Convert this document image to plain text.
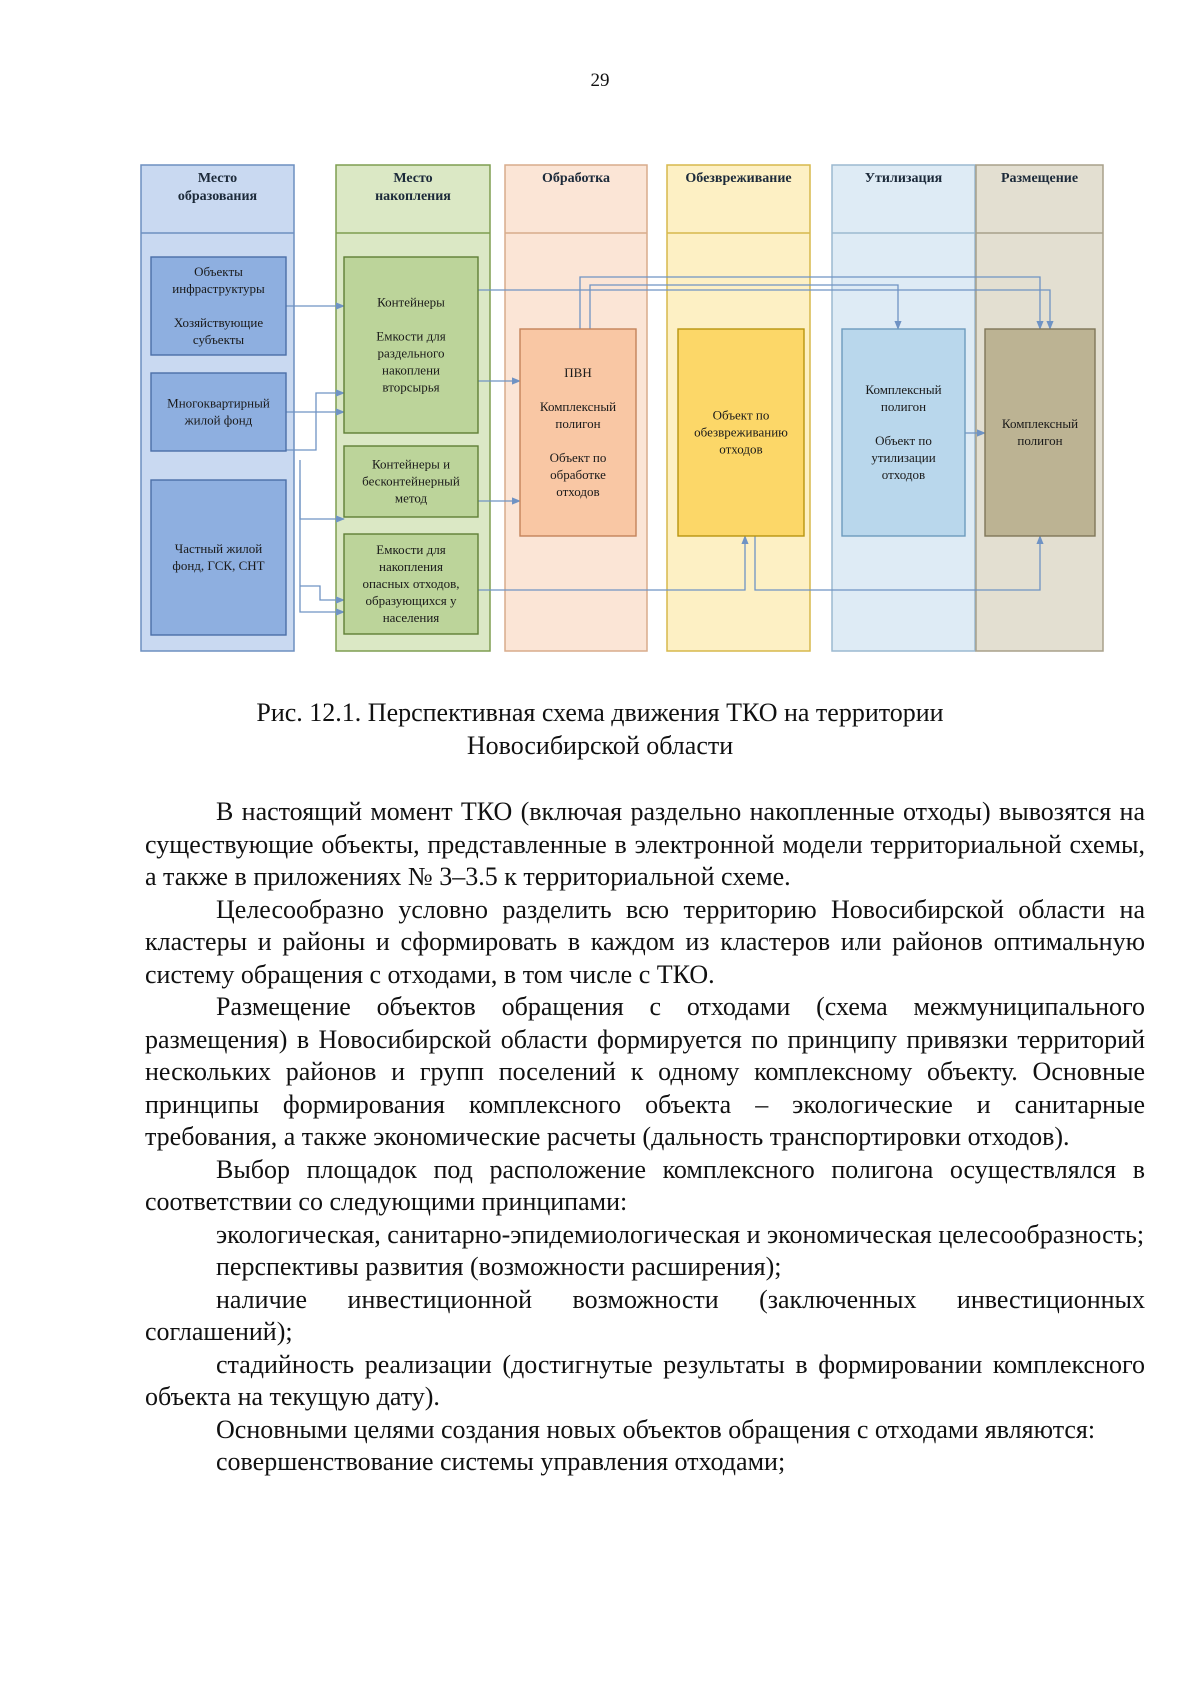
29
Место
образования
Место
накопления
Обработка	Обезвреживание	Утилизация	Размещение
Объекты
инфраструктуры
Хозяйствующие
субъекты
Многоквартирный
жилой фонд
Частный жилой
фонд, ГСК, СНТ
Контейнеры
Емкости для
раздельного
накоплени
вторсырья
Контейнеры и
бесконтейнерный
метод
Емкости для
накопления
опасных отходов,
образующихся у
населения
ПВН
Комплексный
полигон
Объект по
обработке
отходов
Объект по
обезвреживанию
отходов
Комплексный
полигон
Объект по
утилизации
отходов
Комплексный
полигон
Рис. 12.1. Перспективная схема движения ТКО на территории
Новосибирской области

В настоящий момент ТКО (включая раздельно накопленные отходы) вывозятся на существующие объекты, представленные в электронной модели территориальной схемы, а также в приложениях № 3–3.5 к территориальной схеме.

Целесообразно условно разделить всю территорию Новосибирской области на кластеры и районы и сформировать в каждом из кластеров или районов оптимальную систему обращения с отходами, в том числе с ТКО.

Размещение объектов обращения с отходами (схема межмуниципального размещения) в Новосибирской области формируется по принципу привязки территорий нескольких районов и групп поселений к одному комплексному объекту. Основные принципы формирования комплексного объекта – экологические и санитарные требования, а также экономические расчеты (дальность транспортировки отходов).

Выбор площадок под расположение комплексного полигона осуществлялся в соответствии со следующими принципами:

экологическая, санитарно-эпидемиологическая и экономическая целесообразность;

перспективы развития (возможности расширения);

наличие инвестиционной возможности (заключенных инвестиционных соглашений);

стадийность реализации (достигнутые результаты в формировании комплексного объекта на текущую дату).

Основными целями создания новых объектов обращения с отходами являются:

совершенствование системы управления отходами;
